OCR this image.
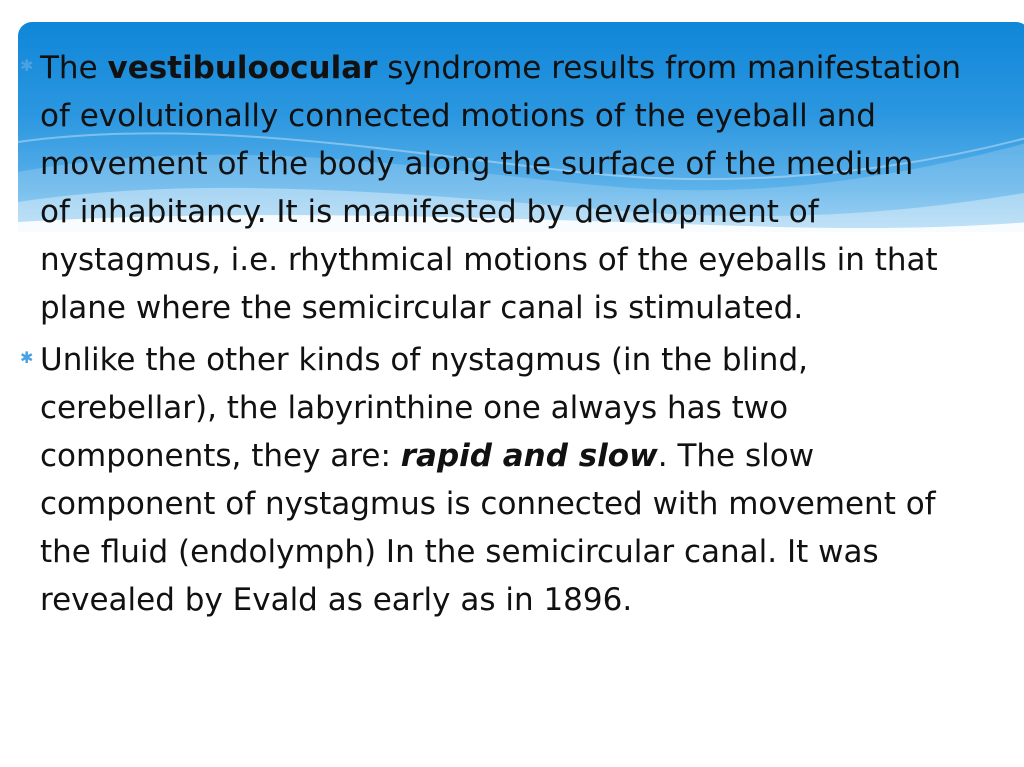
✱ The vestibuloocular syndrome results from manifestation
of evolutionally connected motions of the eyeball and
movement of the body along the surface of the medium
of inhabitancy. It is manifested by development of
nystagmus, i.e. rhythmical motions of the eyeballs in that
plane where the semicircular canal is stimulated.
✱ Unlike the other kinds of nystagmus (in the blind,
cerebellar), the labyrinthine one always has two
components, they are: rapid and slow. The slow
component of nystagmus is connected with movement of
the fluid (endolymph) In the semicircular canal. It was
revealed by Evald as early as in 1896.
